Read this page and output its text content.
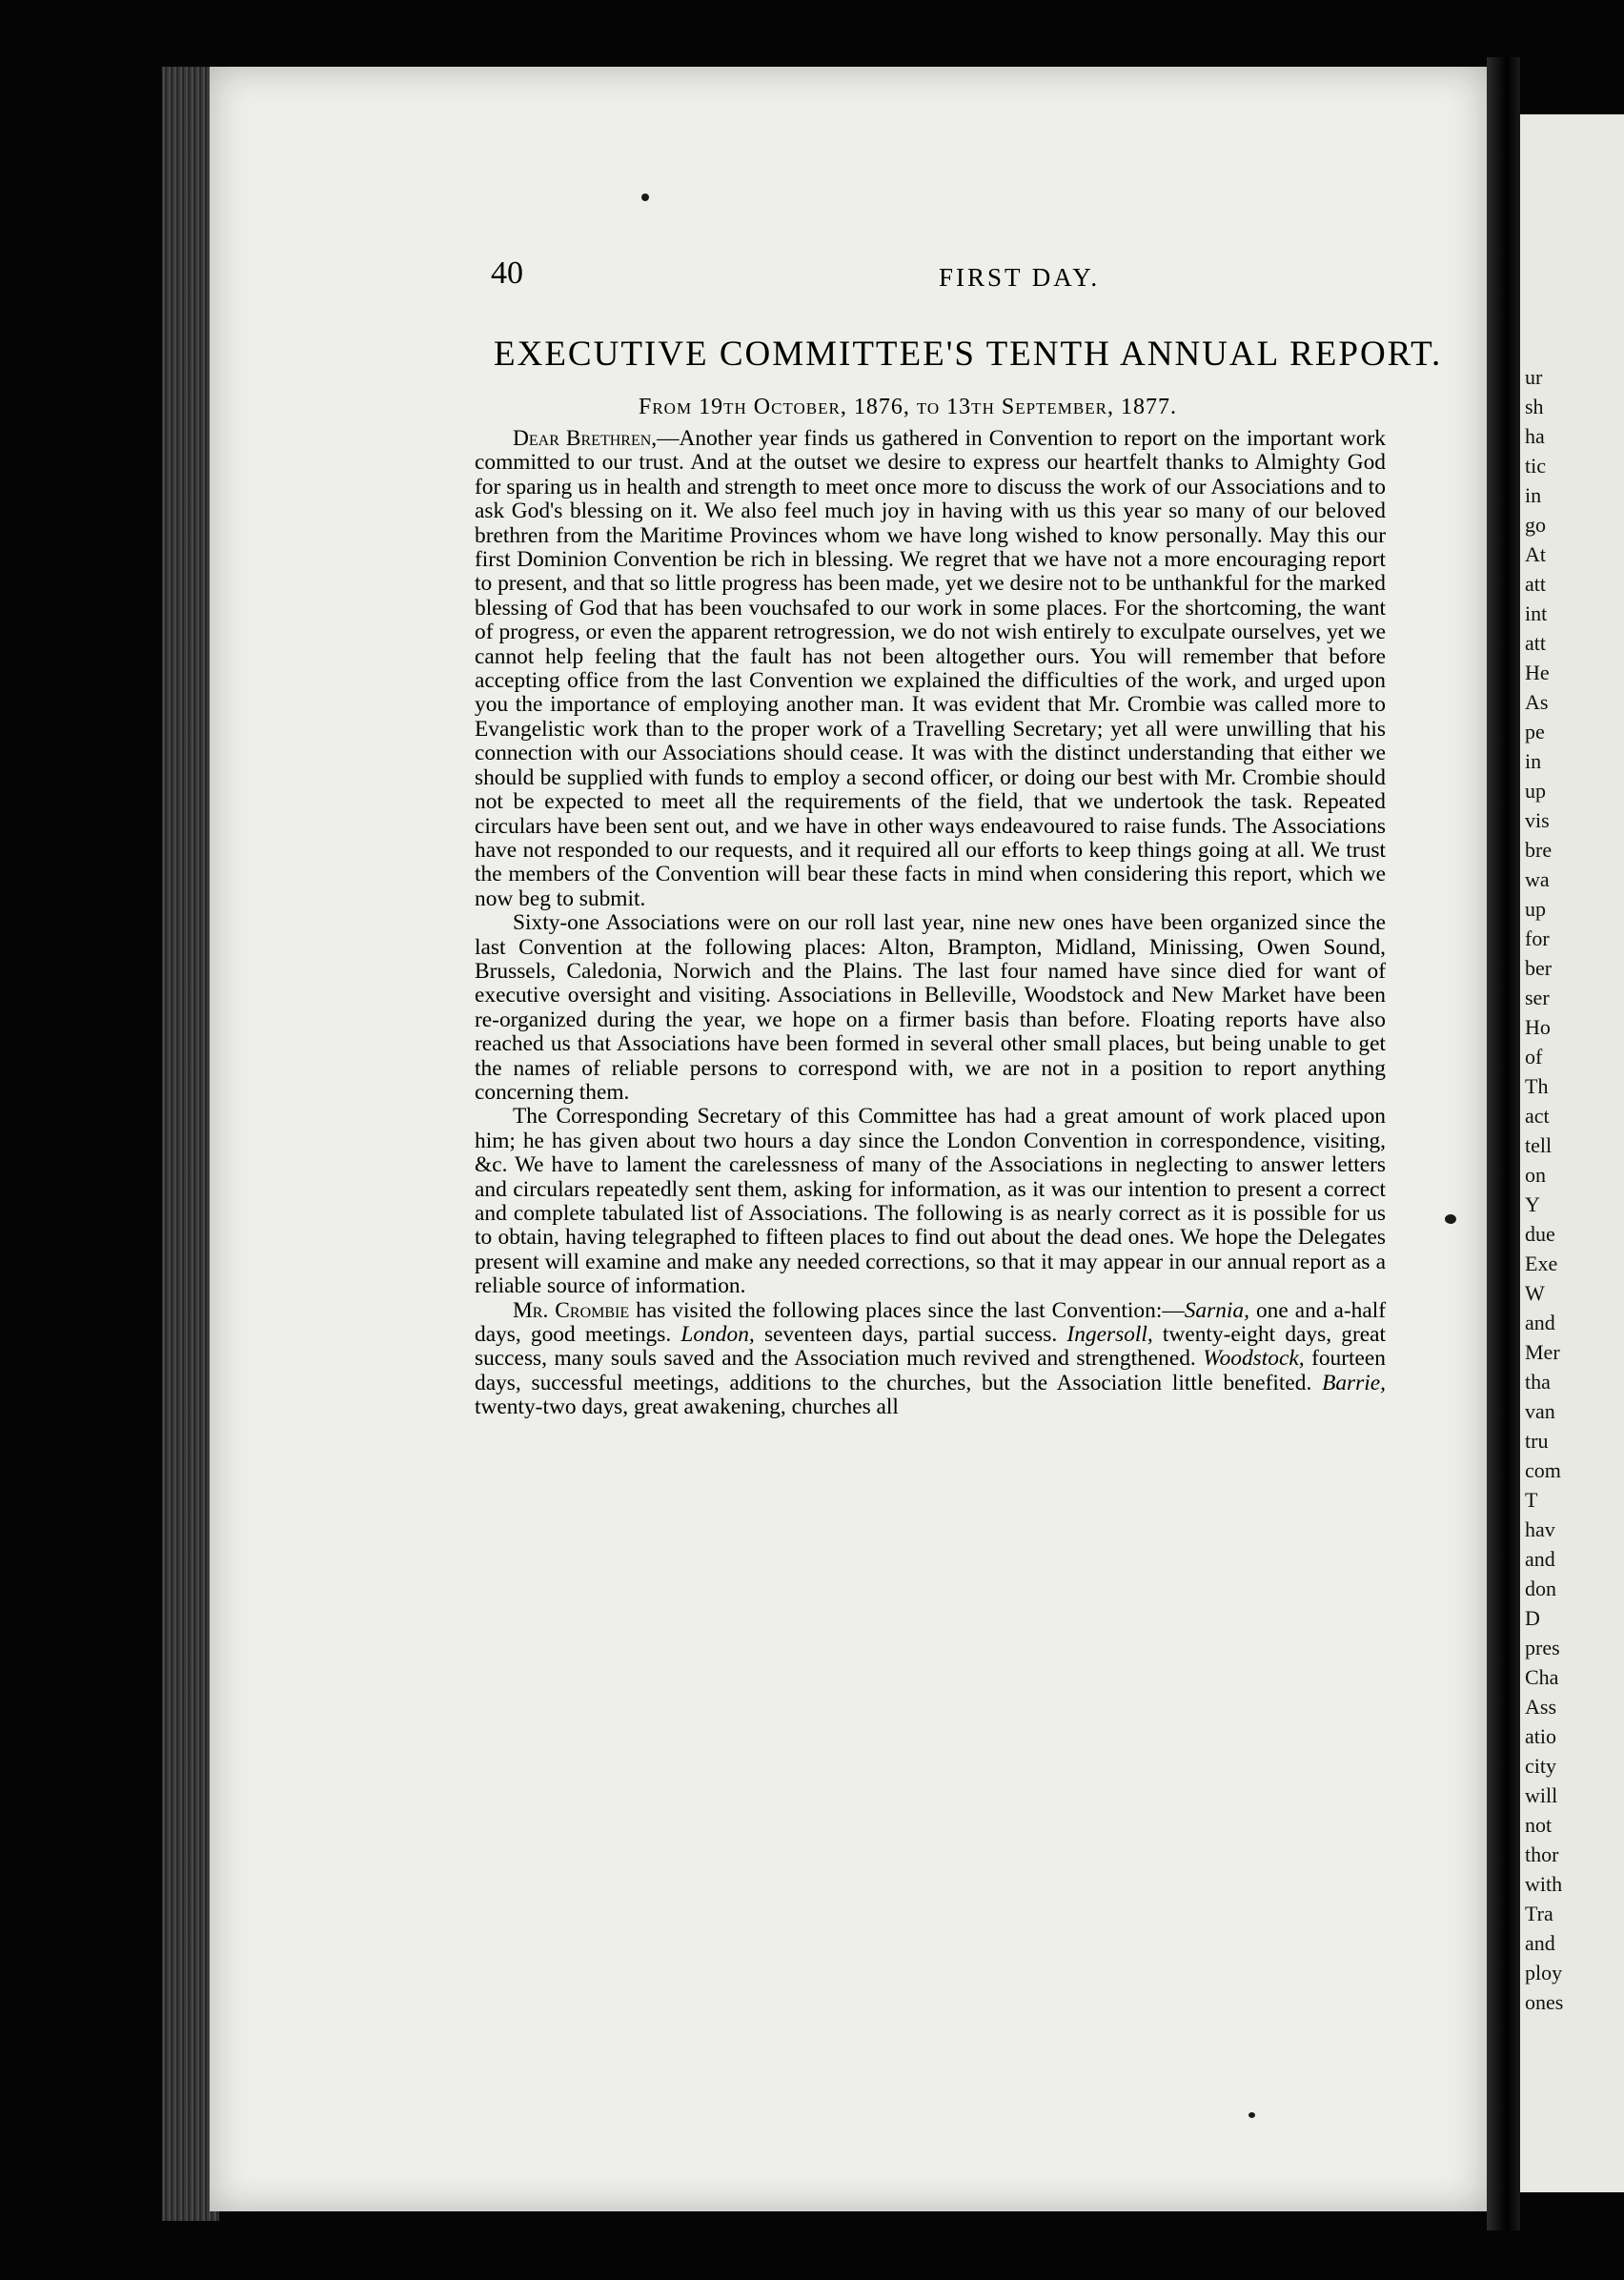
ur
sh
ha
tic
in
go
At
att
int
att
He
As
pe
in
up
vis
bre
wa
up
for
ber
ser
Ho
of
Th
act
tell
on
Y
due
Exe
W
and
Mer
tha
van
tru
com
T
hav
and
don
D
pres
Cha
Ass
atio
city
will
not
thor
with
Tra
and
ploy
ones
40	FIRST DAY.
EXECUTIVE COMMITTEE'S TENTH ANNUAL REPORT.
From 19th October, 1876, to 13th September, 1877.

Dear Brethren,—Another year finds us gathered in Convention to report on the important work committed to our trust. And at the outset we desire to express our heartfelt thanks to Almighty God for sparing us in health and strength to meet once more to discuss the work of our Associations and to ask God's blessing on it. We also feel much joy in having with us this year so many of our beloved brethren from the Maritime Provinces whom we have long wished to know personally. May this our first Dominion Convention be rich in blessing. We regret that we have not a more encouraging report to present, and that so little progress has been made, yet we desire not to be unthankful for the marked blessing of God that has been vouchsafed to our work in some places. For the shortcoming, the want of progress, or even the apparent retrogression, we do not wish entirely to exculpate ourselves, yet we cannot help feeling that the fault has not been altogether ours. You will remember that before accepting office from the last Convention we explained the difficulties of the work, and urged upon you the importance of employing another man. It was evident that Mr. Crombie was called more to Evangelistic work than to the proper work of a Travelling Secretary; yet all were unwilling that his connection with our Associations should cease. It was with the distinct understanding that either we should be supplied with funds to employ a second officer, or doing our best with Mr. Crombie should not be expected to meet all the requirements of the field, that we undertook the task. Repeated circulars have been sent out, and we have in other ways endeavoured to raise funds. The Associations have not responded to our requests, and it required all our efforts to keep things going at all. We trust the members of the Convention will bear these facts in mind when considering this report, which we now beg to submit.

Sixty-one Associations were on our roll last year, nine new ones have been organized since the last Convention at the following places: Alton, Brampton, Midland, Minissing, Owen Sound, Brussels, Caledonia, Norwich and the Plains. The last four named have since died for want of executive oversight and visiting. Associations in Belleville, Woodstock and New Market have been re-organized during the year, we hope on a firmer basis than before. Floating reports have also reached us that Associations have been formed in several other small places, but being unable to get the names of reliable persons to correspond with, we are not in a position to report anything concerning them.

The Corresponding Secretary of this Committee has had a great amount of work placed upon him; he has given about two hours a day since the London Convention in correspondence, visiting, &c. We have to lament the carelessness of many of the Associations in neglecting to answer letters and circulars repeatedly sent them, asking for information, as it was our intention to present a correct and complete tabulated list of Associations. The following is as nearly correct as it is possible for us to obtain, having telegraphed to fifteen places to find out about the dead ones. We hope the Delegates present will examine and make any needed corrections, so that it may appear in our annual report as a reliable source of information.

Mr. Crombie has visited the following places since the last Convention:—Sarnia, one and a-half days, good meetings. London, seventeen days, partial success. Ingersoll, twenty-eight days, great success, many souls saved and the Association much revived and strengthened. Woodstock, fourteen days, successful meetings, additions to the churches, but the Association little benefited. Barrie, twenty-two days, great awakening, churches all
